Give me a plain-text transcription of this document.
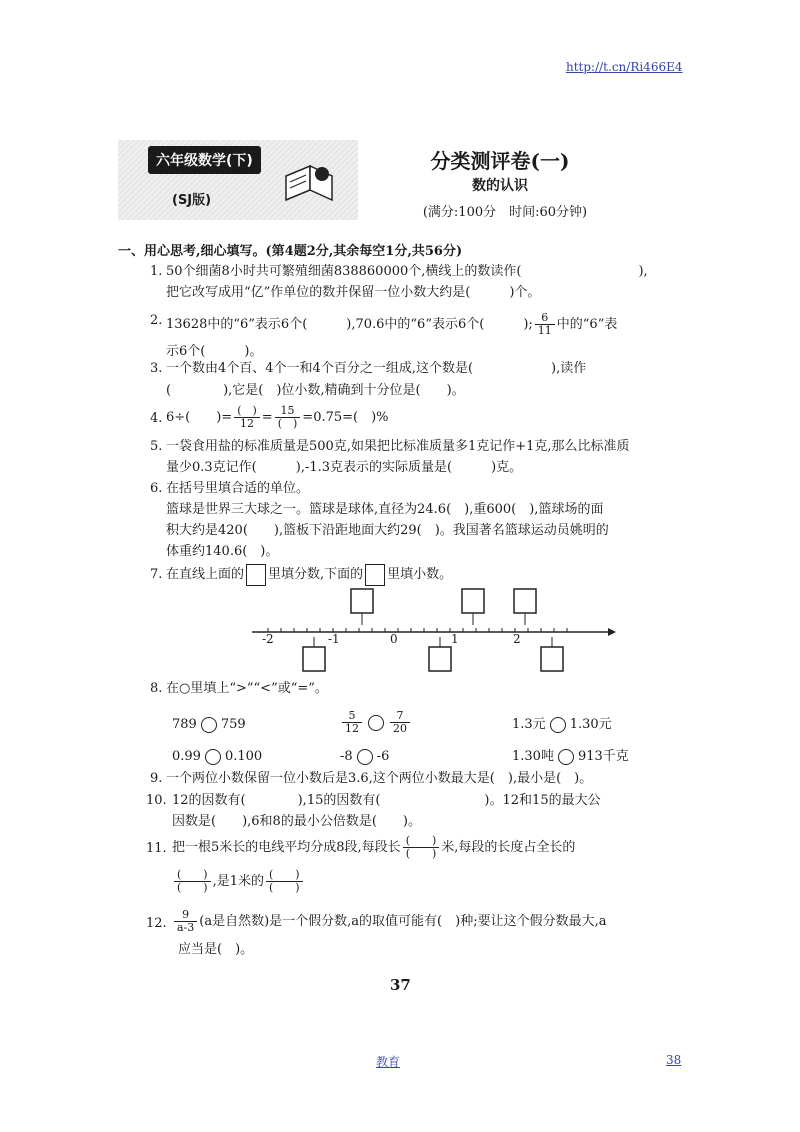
http://t.cn/Ri466E4
六年级数学(下)
(SJ版)
分类测评卷(一)
数的认识
(满分:100分　时间:60分钟)
一、用心思考,细心填写。(第4题2分,其余每空1分,共56分)
1. 50个细菌8小时共可繁殖细菌838860000个,横线上的数读作(　　　　　　　　　),
把它改写成用“亿”作单位的数并保留一位小数大约是(　　　)个。
2. 13628中的“6”表示6个(　　　),70.6中的“6”表示6个(　　　); $\frac{6}{11}$ 中的“6”表
示6个(　　　)。
3. 一个数由4个百、4个一和4个百分之一组成,这个数是(　　　　　　),读作
(　　　　),它是(　)位小数,精确到十分位是(　　)。
4. 6÷(　　)= $\frac{( )}{12} = \frac{15}{( )} =0.75=$(　)%
5. 一袋食用盐的标准质量是500克,如果把比标准质量多1克记作+1克,那么比标准质
量少0.3克记作(　　　),-1.3克表示的实际质量是(　　　)克。
6. 在括号里填合适的单位。
篮球是世界三大球之一。篮球是球体,直径为24.6(　),重600(　),篮球场的面
积大约是420(　　),篮板下沿距地面大约29(　)。我国著名篮球运动员姚明的
体重约140.6(　)。
7. 在直线上面的 里填分数,下面的 里填小数。
-2	-1	0	1	2
8. 在○里填上“>”“<”或“=”。
789 759	$\frac{5}{12}$	$\frac{7}{20}$	1.3元 1.30元
0.99 0.100	-8 -6	1.30吨 913千克
9. 一个两位小数保留一位小数后是3.6,这个两位小数最大是(　),最小是(　)。
10. 12的因数有(　　　　),15的因数有(　　　　　　　　)。12和15的最大公
因数是(　　),6和8的最小公倍数是(　　)。
11. 把一根5米长的电线平均分成8段,每段长 $\frac{( )}{( )}$ 米,每段的长度占全长的
$\frac{( )}{( )}$ ,是1米的 $\frac{( )}{( )}$
12. $\frac{9}{a-3} (a$是自然数)是一个假分数,a的取值可能有(　)种;要让这个假分数最大,a
应当是(　)。
37
教育	38
